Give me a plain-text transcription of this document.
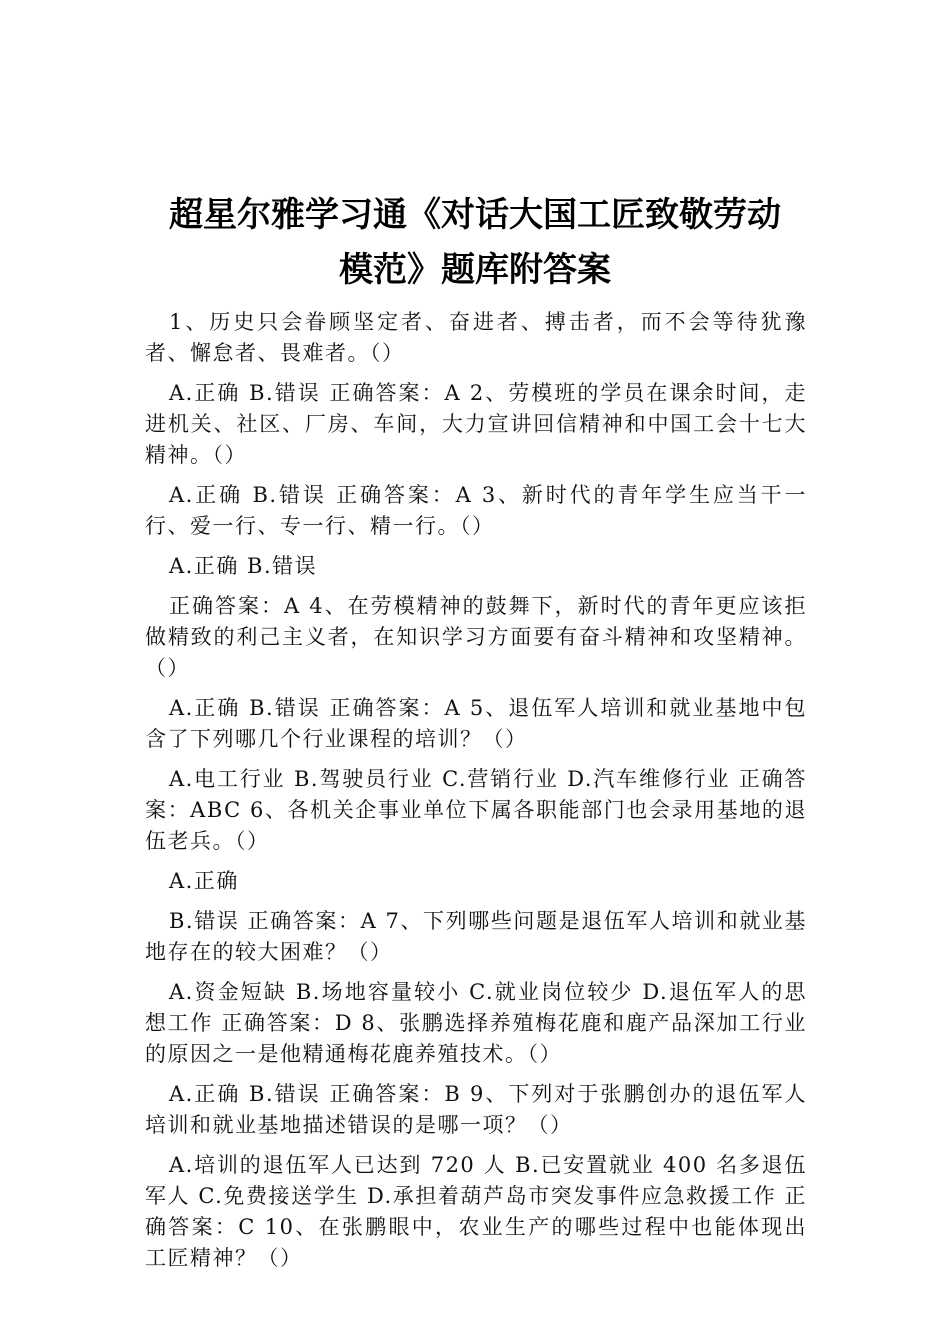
超星尔雅学习通《对话大国工匠致敬劳动
模范》题库附答案

1、历史只会眷顾坚定者、奋进者、搏击者，而不会等待犹豫者、懈怠者、畏难者。（）

A.正确 B.错误 正确答案：A 2、劳模班的学员在课余时间，走进机关、社区、厂房、车间，大力宣讲回信精神和中国工会十七大精神。（）

A.正确 B.错误 正确答案：A 3、新时代的青年学生应当干一行、爱一行、专一行、精一行。（）

A.正确 B.错误

正确答案：A 4、在劳模精神的鼓舞下，新时代的青年更应该拒做精致的利己主义者，在知识学习方面要有奋斗精神和攻坚精神。（）

A.正确 B.错误 正确答案：A 5、退伍军人培训和就业基地中包含了下列哪几个行业课程的培训？（）

A.电工行业 B.驾驶员行业 C.营销行业 D.汽车维修行业 正确答案：ABC 6、各机关企事业单位下属各职能部门也会录用基地的退伍老兵。（）

A.正确

B.错误 正确答案：A 7、下列哪些问题是退伍军人培训和就业基地存在的较大困难？（）

A.资金短缺 B.场地容量较小 C.就业岗位较少 D.退伍军人的思想工作 正确答案：D 8、张鹏选择养殖梅花鹿和鹿产品深加工行业的原因之一是他精通梅花鹿养殖技术。（）

A.正确 B.错误 正确答案：B 9、下列对于张鹏创办的退伍军人培训和就业基地描述错误的是哪一项？（）

A.培训的退伍军人已达到 720 人 B.已安置就业 400 名多退伍军人 C.免费接送学生 D.承担着葫芦岛市突发事件应急救援工作 正确答案：C 10、在张鹏眼中，农业生产的哪些过程中也能体现出工匠精神？（）
